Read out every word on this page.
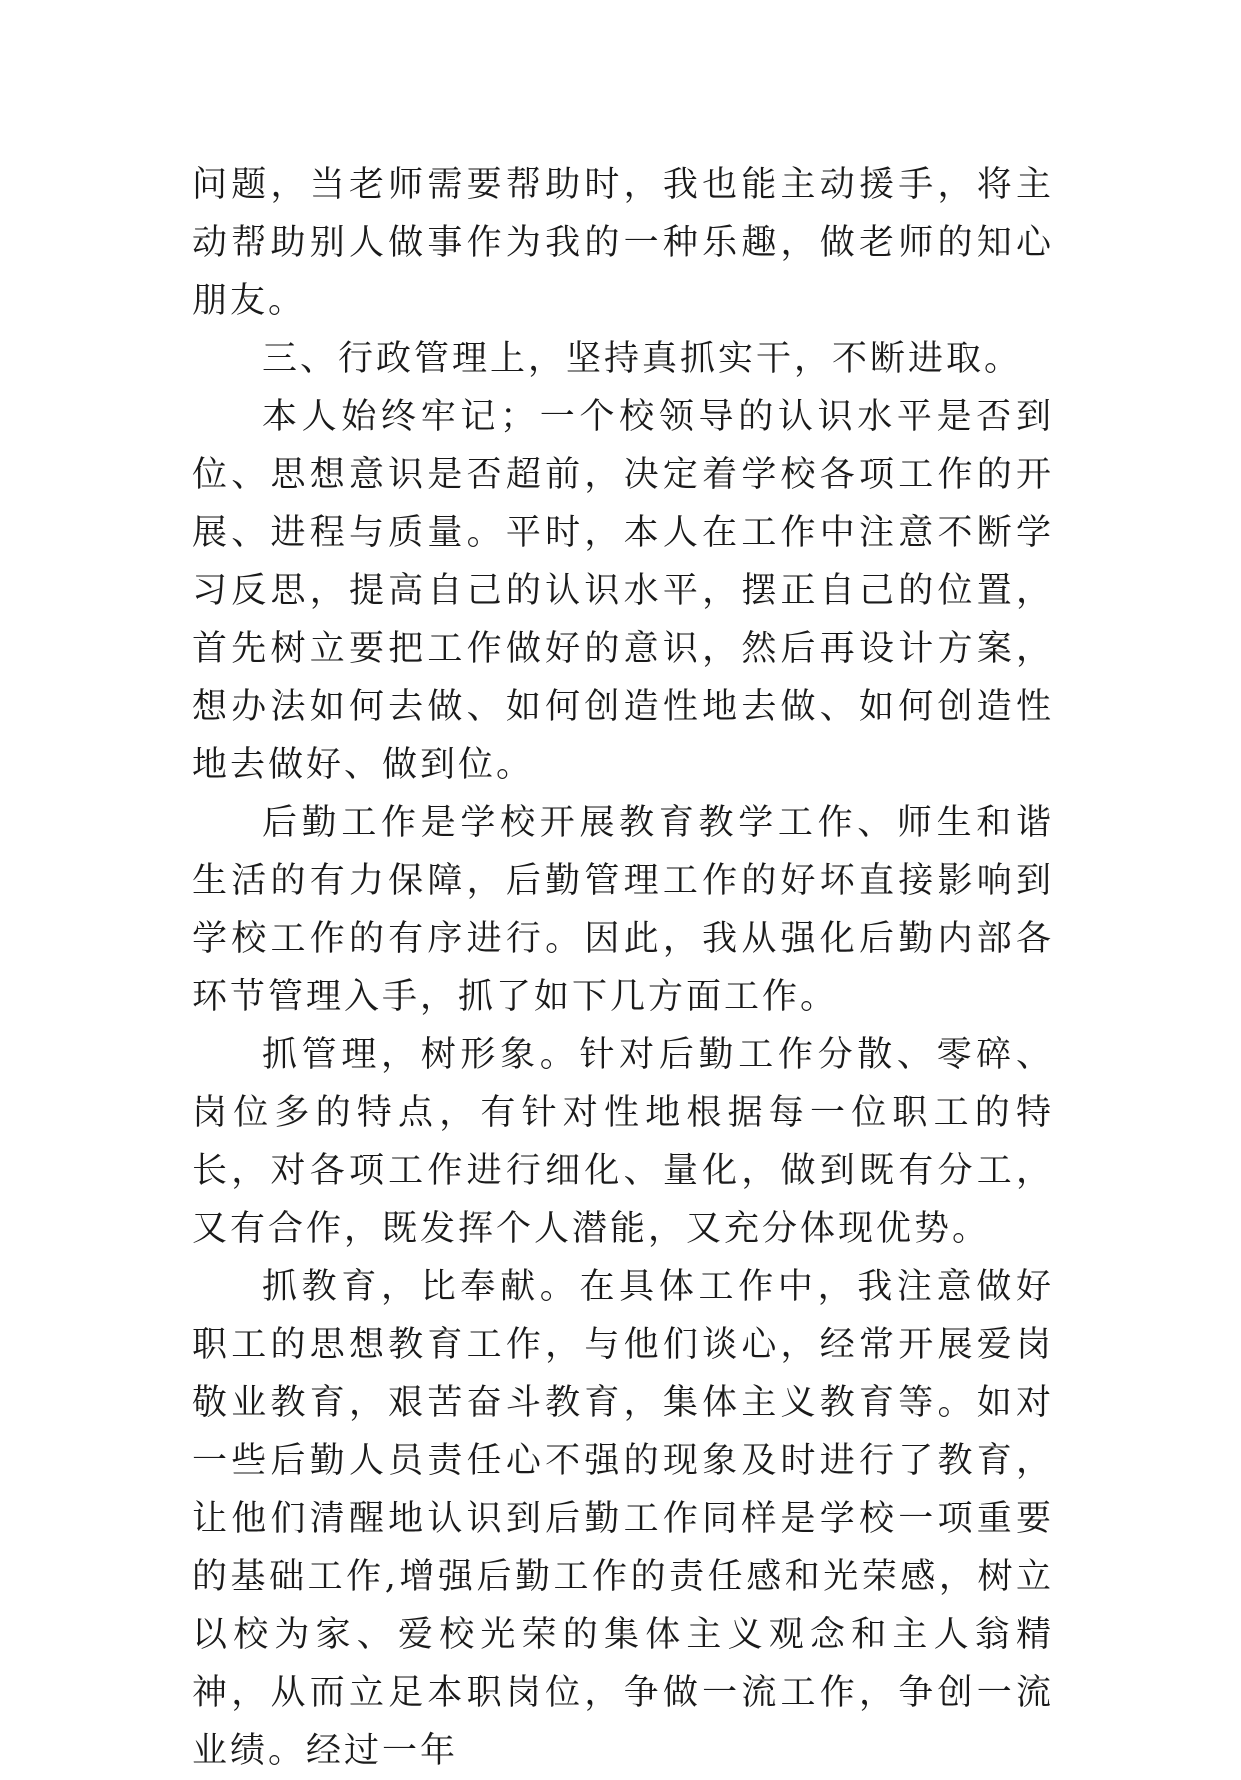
问题，当老师需要帮助时，我也能主动援手，将主动帮助别人做事作为我的一种乐趣，做老师的知心朋友。

三、行政管理上，坚持真抓实干，不断进取。

本人始终牢记；一个校领导的认识水平是否到位、思想意识是否超前，决定着学校各项工作的开展、进程与质量。平时，本人在工作中注意不断学习反思，提高自己的认识水平，摆正自己的位置，首先树立要把工作做好的意识，然后再设计方案，想办法如何去做、如何创造性地去做、如何创造性地去做好、做到位。

后勤工作是学校开展教育教学工作、师生和谐生活的有力保障，后勤管理工作的好坏直接影响到学校工作的有序进行。因此，我从强化后勤内部各环节管理入手，抓了如下几方面工作。

抓管理，树形象。针对后勤工作分散、零碎、岗位多的特点，有针对性地根据每一位职工的特长，对各项工作进行细化、量化，做到既有分工，又有合作，既发挥个人潜能，又充分体现优势。

抓教育，比奉献。在具体工作中，我注意做好职工的思想教育工作，与他们谈心，经常开展爱岗敬业教育，艰苦奋斗教育，集体主义教育等。如对一些后勤人员责任心不强的现象及时进行了教育，让他们清醒地认识到后勤工作同样是学校一项重要的基础工作,增强后勤工作的责任感和光荣感，树立以校为家、爱校光荣的集体主义观念和主人翁精神，从而立足本职岗位，争做一流工作，争创一流业绩。经过一年
